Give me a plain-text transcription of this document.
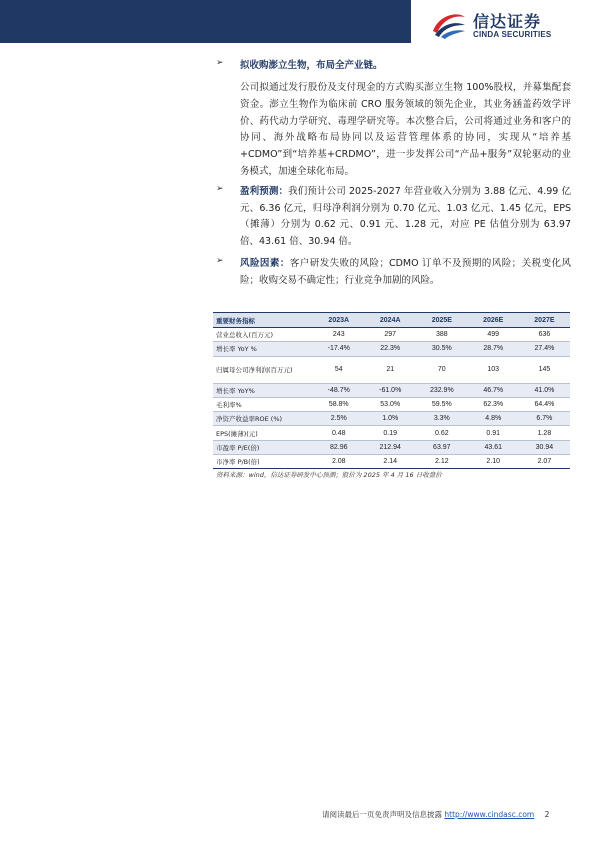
信达证券
CINDA SECURITIES
➢ 拟收购澎立生物，布局全产业链。
公司拟通过发行股份及支付现金的方式购买澎立生物 100%股权，并募集配套资金。澎立生物作为临床前 CRO 服务领域的领先企业，其业务涵盖药效学评价、药代动力学研究、毒理学研究等。本次整合后，公司将通过业务和客户的协同、海外战略布局协同以及运营管理体系的协同，实现从“培养基+CDMO”到“培养基+CRDMO”，进一步发挥公司“产品+服务”双轮驱动的业务模式，加速全球化布局。
➢ 盈利预测：我们预计公司 2025-2027 年营业收入分别为 3.88 亿元、4.99 亿元、6.36 亿元，归母净利润分别为 0.70 亿元、1.03 亿元、1.45 亿元，EPS（摊薄）分别为 0.62 元、0.91 元、1.28 元，对应 PE 估值分别为 63.97 倍、43.61 倍、30.94 倍。
➢ 风险因素：客户研发失败的风险；CDMO 订单不及预期的风险；关税变化风险；收购交易不确定性；行业竞争加剧的风险。
重要财务指标	2023A	2024A	2025E	2026E	2027E
营业总收入(百万元)	243	297	388	499	636
增长率 YoY %	-17.4%	22.3%	30.5%	28.7%	27.4%
归属母公司净利润(百万元)	54	21	70	103	145
增长率 YoY%	-48.7%	-61.0%	232.9%	46.7%	41.0%
毛利率%	58.8%	53.0%	59.5%	62.3%	64.4%
净资产收益率ROE (%)	2.5%	1.0%	3.3%	4.8%	6.7%
EPS(摊薄)(元)	0.48	0.19	0.62	0.91	1.28
市盈率 P/E(倍)	82.96	212.94	63.97	43.61	30.94
市净率 P/B(倍)	2.08	2.14	2.12	2.10	2.07
资料来源：wind，信达证券研发中心预测；股价为 2025 年 4 月 16 日收盘价
请阅读最后一页免责声明及信息披露 http://www.cindasc.com 2
